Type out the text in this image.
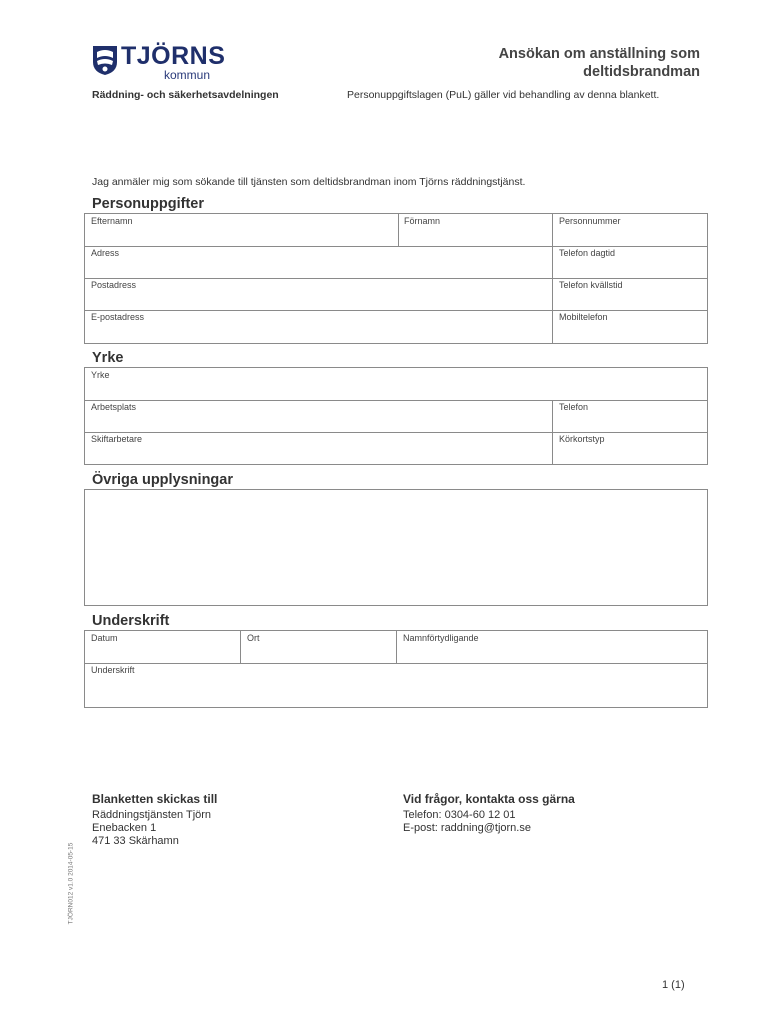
TJÖRNS
kommun
Räddning- och säkerhetsavdelningen
Ansökan om anställning som
deltidsbrandman
Personuppgiftslagen (PuL) gäller vid behandling av denna blankett.
Jag anmäler mig som sökande till tjänsten som deltidsbrandman inom Tjörns räddningstjänst.
Personuppgifter
Efternamn	Förnamn	Personnummer
Adress	Telefon dagtid
Postadress	Telefon kvällstid
E-postadress	Mobiltelefon
Yrke
Yrke
Arbetsplats	Telefon
Skiftarbetare	Körkortstyp
Övriga upplysningar
Underskrift
Datum	Ort	Namnförtydligande
Underskrift
Blanketten skickas till
Räddningstjänsten Tjörn
Enebacken 1
471 33 Skärhamn
Vid frågor, kontakta oss gärna
Telefon: 0304-60 12 01
E-post: raddning@tjorn.se
TJÖRN012 v1.0 2014-05-15
1 (1)
